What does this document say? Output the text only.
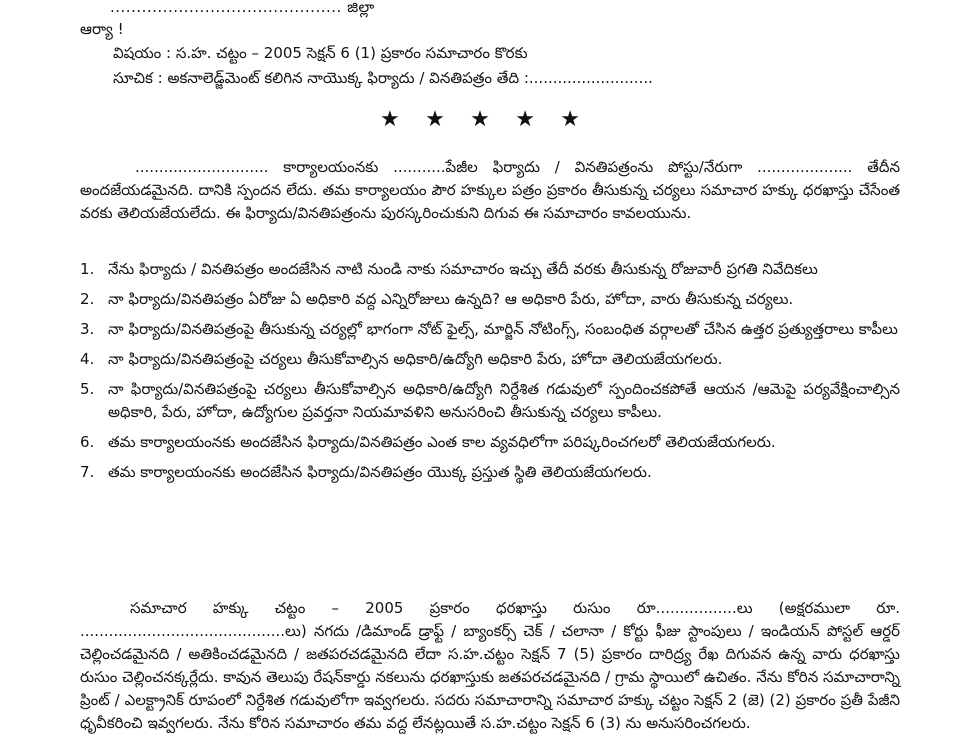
............................................ జిల్లా
ఆర్యా !
విషయం : స.హ. చట్టం – 2005 సెక్షన్ 6 (1) ప్రకారం సమాచారం కొరకు
సూచిక : అకనాలెడ్జ్‌మెంట్ కలిగిన నాయొక్క ఫిర్యాదు / వినతిపత్రం తేది :..........................
★ ★ ★ ★ ★
............................ కార్యాలయంనకు ...........పేజీల ఫిర్యాదు / వినతిపత్రంను పోస్టు/నేరుగా .................... తేదీన అందజేయడమైనది. దానికి స్పందన లేదు. తమ కార్యాలయం పౌర హక్కుల పత్రం ప్రకారం తీసుకున్న చర్యలు సమాచార హక్కు ధరఖాస్తు చేసేంత వరకు తెలియజేయలేదు. ఈ ఫిర్యాదు/వినతిపత్రంను పురస్కరించుకుని దిగువ ఈ సమాచారం కావలయును.
1. నేను ఫిర్యాదు / వినతిపత్రం అందజేసిన నాటి నుండి నాకు సమాచారం ఇచ్చు తేదీ వరకు తీసుకున్న రోజువారీ ప్రగతి నివేదికలు
2. నా ఫిర్యాదు/వినతిపత్రం ఏరోజు ఏ అధికారి వద్ద ఎన్నిరోజులు ఉన్నది? ఆ అధికారి పేరు, హోదా, వారు తీసుకున్న చర్యలు.
3. నా ఫిర్యాదు/వినతిపత్రంపై తీసుకున్న చర్యల్లో భాగంగా నోట్ ఫైల్స్, మార్జిన్ నోటింగ్స్, సంబంధిత వర్గాలతో చేసిన ఉత్తర ప్రత్యుత్తరాలు కాపీలు
4. నా ఫిర్యాదు/వినతిపత్రంపై చర్యలు తీసుకోవాల్సిన అధికారి/ఉద్యోగి అధికారి పేరు, హోదా తెలియజేయగలరు.
5. నా ఫిర్యాదు/వినతిపత్రంపై చర్యలు తీసుకోవాల్సిన అధికారి/ఉద్యోగి నిర్దేశిత గడువులో స్పందించకపోతే ఆయన /ఆమెపై పర్యవేక్షించాల్సిన అధికారి, పేరు, హోదా, ఉద్యోగుల ప్రవర్తనా నియమావళిని అనుసరించి తీసుకున్న చర్యలు కాపీలు.
6. తమ కార్యాలయంనకు అందజేసిన ఫిర్యాదు/వినతిపత్రం ఎంత కాల వ్యవధిలోగా పరిష్కరించగలరో తెలియజేయగలరు.
7. తమ కార్యాలయంనకు అందజేసిన ఫిర్యాదు/వినతిపత్రం యొక్క ప్రస్తుత స్థితి తెలియజేయగలరు.
సమాచార హక్కు చట్టం – 2005 ప్రకారం ధరఖాస్తు రుసుం రూ.................లు (అక్షరములా రూ. ...........................................లు) నగదు /డిమాండ్ డ్రాఫ్ట్ / బ్యాంకర్స్ చెక్ / చలానా / కోర్టు ఫీజు స్టాంపులు / ఇండియన్ పోస్టల్ ఆర్డర్ చెల్లించడమైనది / అతికించడమైనది / జతపరచడమైనది లేదా స.హ.చట్టం సెక్షన్ 7 (5) ప్రకారం దారిద్ర్య రేఖ దిగువన ఉన్న వారు ధరఖాస్తు రుసుం చెల్లించనక్కర్లేదు. కావున తెలుపు రేషన్‌కార్డు నకలును ధరఖాస్తుకు జతపరచడమైనది / గ్రామ స్థాయిలో ఉచితం. నేను కోరిన సమాచారాన్ని ప్రింట్ / ఎలక్ట్రానిక్ రూపంలో నిర్దేశిత గడువులోగా ఇవ్వగలరు. సదరు సమాచారాన్ని సమాచార హక్కు చట్టం సెక్షన్ 2 (జె) (2) ప్రకారం ప్రతీ పేజీని ధృవీకరించి ఇవ్వగలరు. నేను కోరిన సమాచారం తమ వద్ద లేనట్లయితే స.హ.చట్టం సెక్షన్ 6 (3) ను అనుసరించగలరు.
